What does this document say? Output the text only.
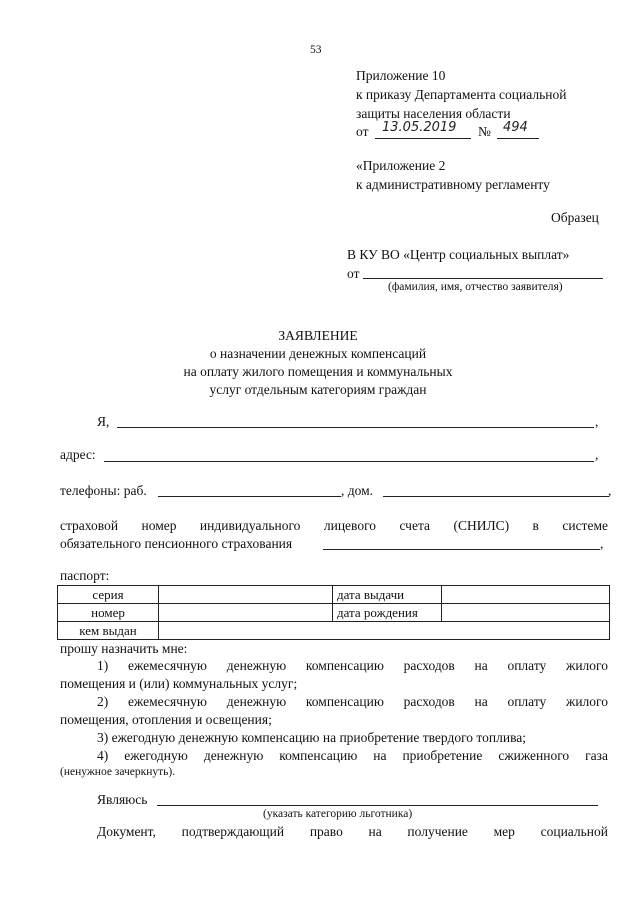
53
Приложение 10
к приказу Департамента социальной
защиты населения области
от 13.05.2019 № 494
«Приложение 2
к административному регламенту
Образец
В КУ ВО «Центр социальных выплат»
от
(фамилия, имя, отчество заявителя)
ЗАЯВЛЕНИЕ
о назначении денежных компенсаций
на оплату жилого помещения и коммунальных
услуг отдельным категориям граждан
Я,	,
адрес:	,
телефоны: раб.	, дом.	,
страховой номер индивидуального лицевого счета (СНИЛС) в системе
обязательного пенсионного страхования	,
паспорт:
серия		дата выдачи	
номер		дата рождения	
кем выдан			
прошу назначить мне:
1) ежемесячную денежную компенсацию расходов на оплату жилого
помещения и (или) коммунальных услуг;
2) ежемесячную денежную компенсацию расходов на оплату жилого
помещения, отопления и освещения;
3) ежегодную денежную компенсацию на приобретение твердого топлива;
4) ежегодную денежную компенсацию на приобретение сжиженного газа
(ненужное зачеркнуть).
Являюсь
(указать категорию льготника)
Документ, подтверждающий право на получение мер социальной
